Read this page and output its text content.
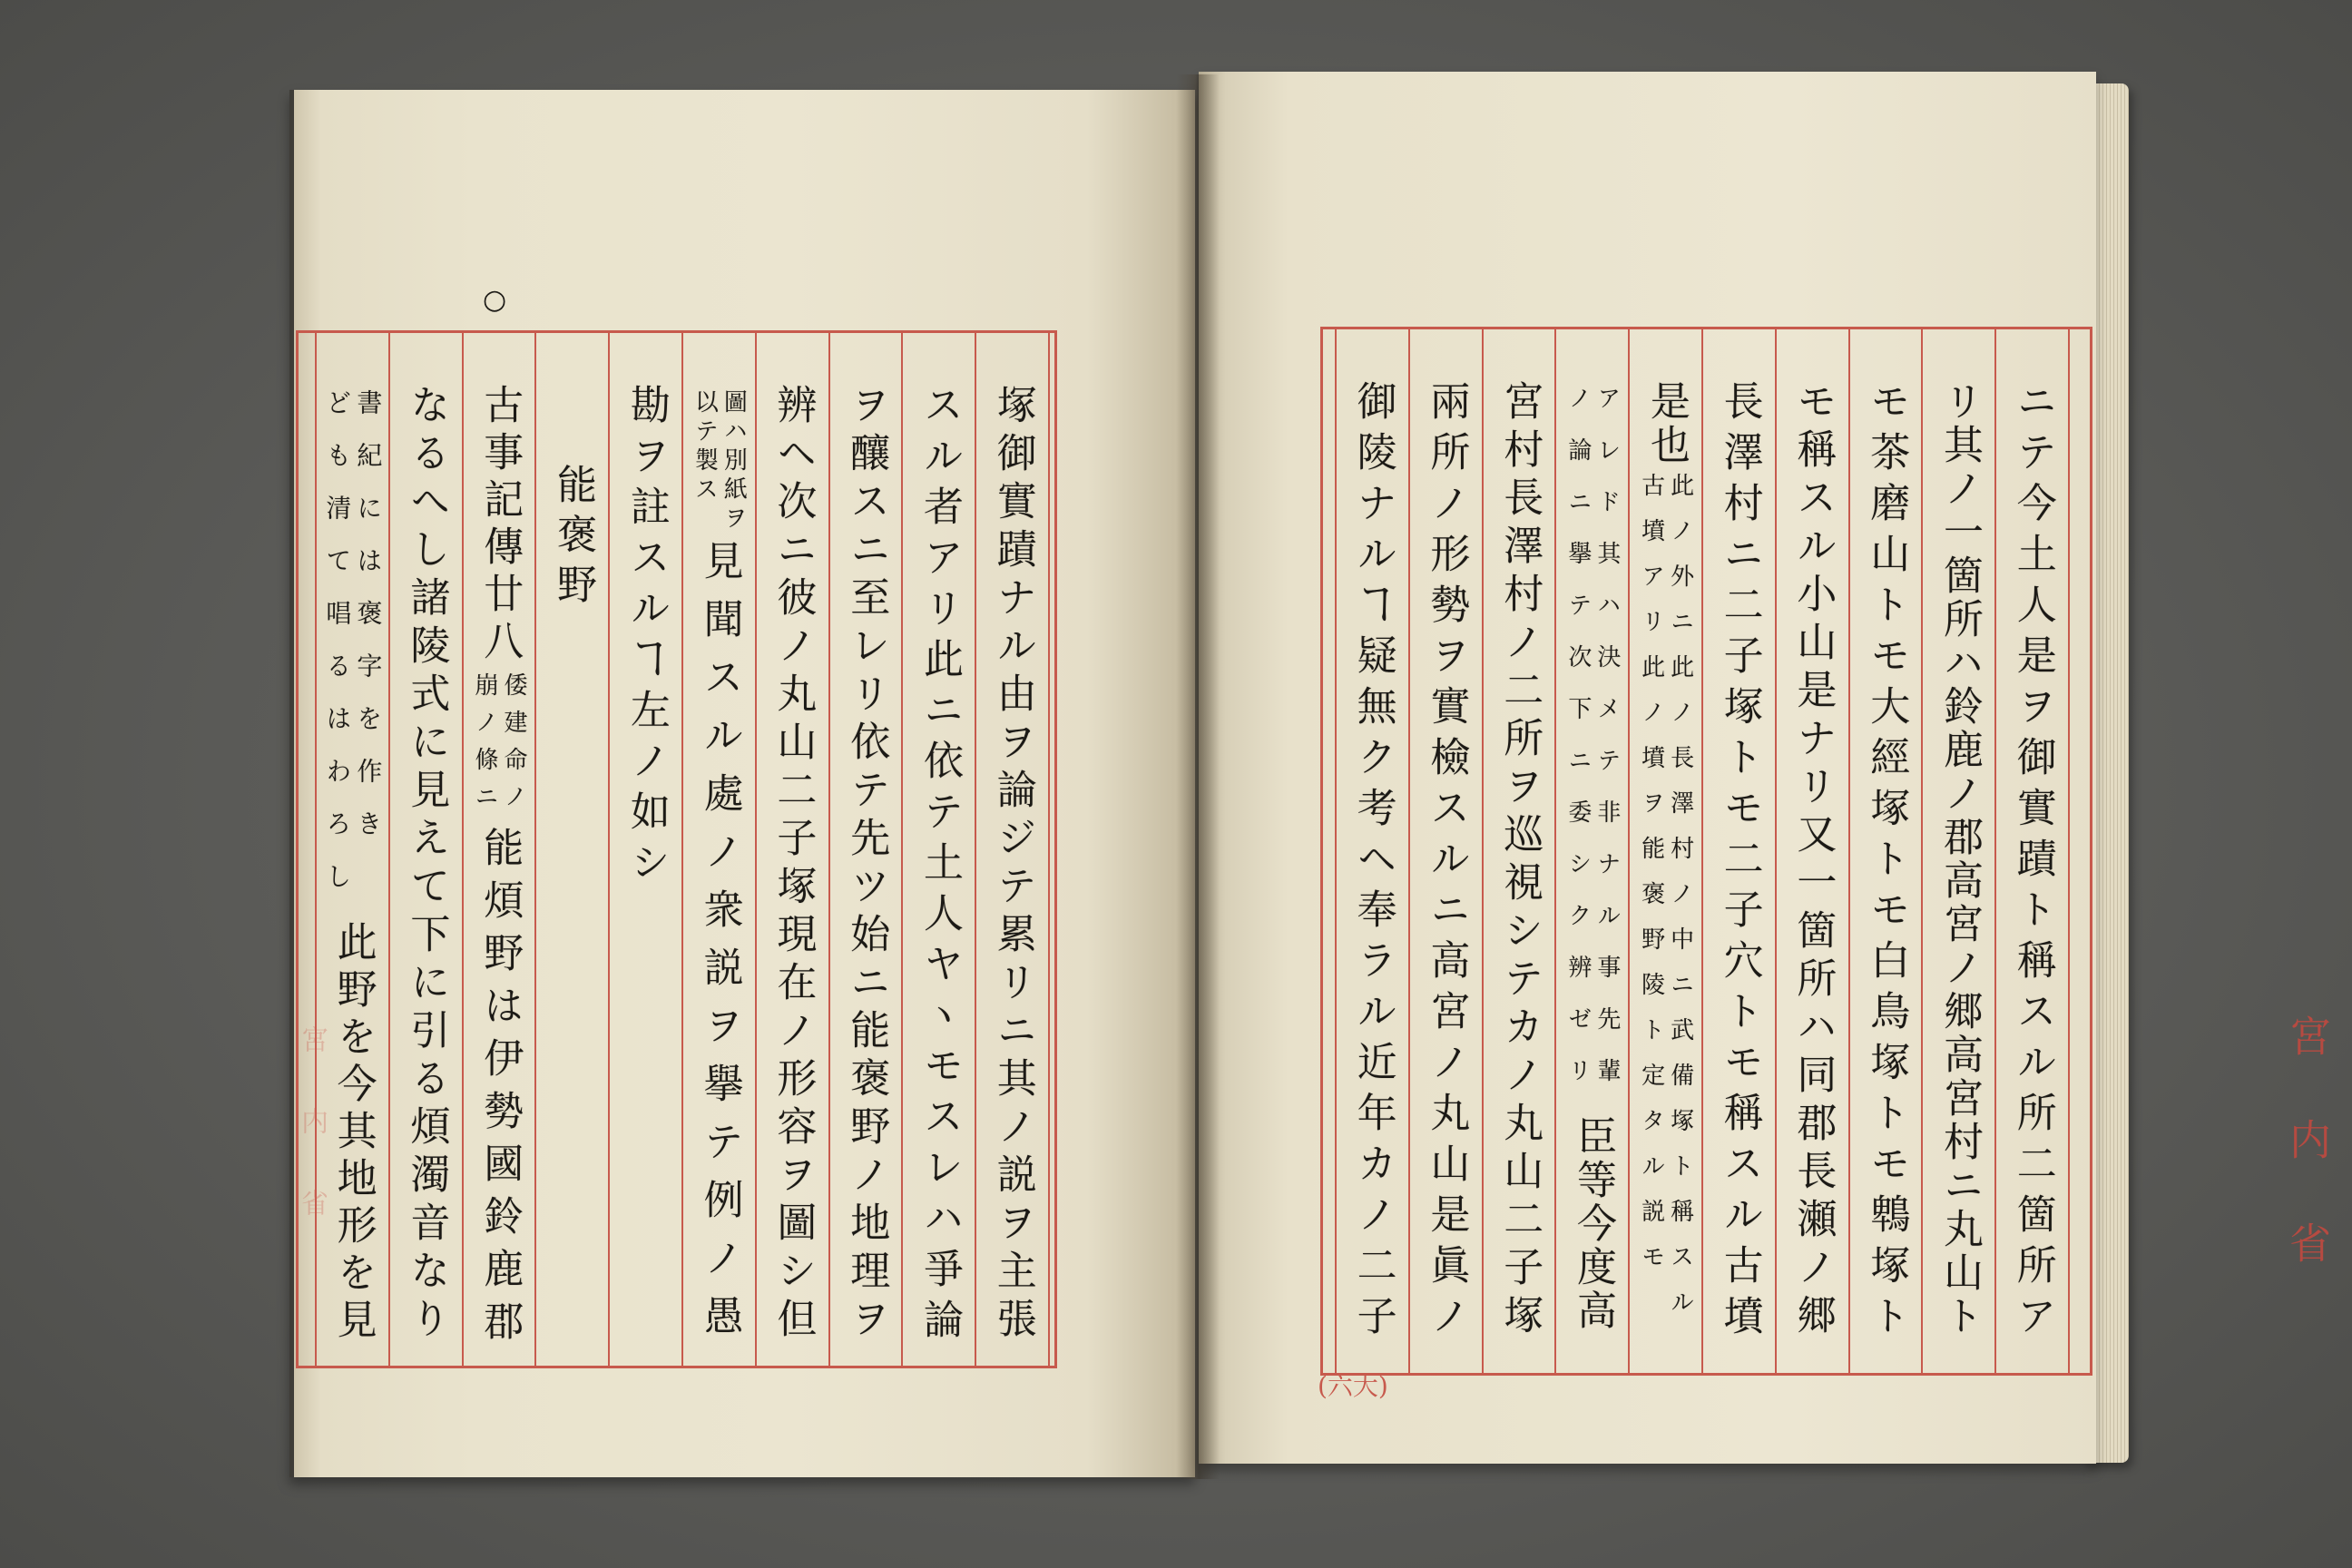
○
宮内省	塚御實蹟ナル由ヲ論ジテ累リニ其ノ説ヲ主張
スル者アリ此ニ依テ土人ヤヽモスレハ爭論
ヲ釀スニ至レリ依テ先ツ始ニ能褒野ノ地理ヲ
辨ヘ次ニ彼ノ丸山二子塚現在ノ形容ヲ圖シ但
圖ハ別紙ヲ
以テ製ス
見聞スル處ノ衆説ヲ擧テ例ノ愚
勘ヲ註スルヿ左ノ如シ
能褒野
古事記傳廿八
倭建命ノ
崩ノ條ニ
能煩野は伊勢國鈴鹿郡
なるへし諸陵式に見えて下に引る煩濁音なり
書紀には褒字を作き
ども清て唱るはわろし
此野を今其地形を見	ニテ今土人是ヲ御實蹟ト稱スル所二箇所ア
リ其ノ一箇所ハ鈴鹿ノ郡高宮ノ郷高宮村ニ丸山ト
モ茶磨山トモ大經塚トモ白鳥塚トモ鵯塚ト
モ稱スル小山是ナリ又一箇所ハ同郡長瀬ノ郷
長澤村ニ二子塚トモ二子穴トモ稱スル古墳
是也
此ノ外ニ此ノ長澤村ノ中ニ武備塚ト稱スル
古墳アリ此ノ墳ヲ能褒野陵ト定タル説モ
アレド其ハ決メテ非ナル事先輩
ノ論ニ擧テ次下ニ委シク辨ゼリ
臣等今度高
宮村長澤村ノ二所ヲ巡視シテカノ丸山二子塚
兩所ノ形勢ヲ實檢スルニ高宮ノ丸山是眞ノ
御陵ナルヿ疑無ク考ヘ奉ラル近年カノ二子
(六大)
宮内省
